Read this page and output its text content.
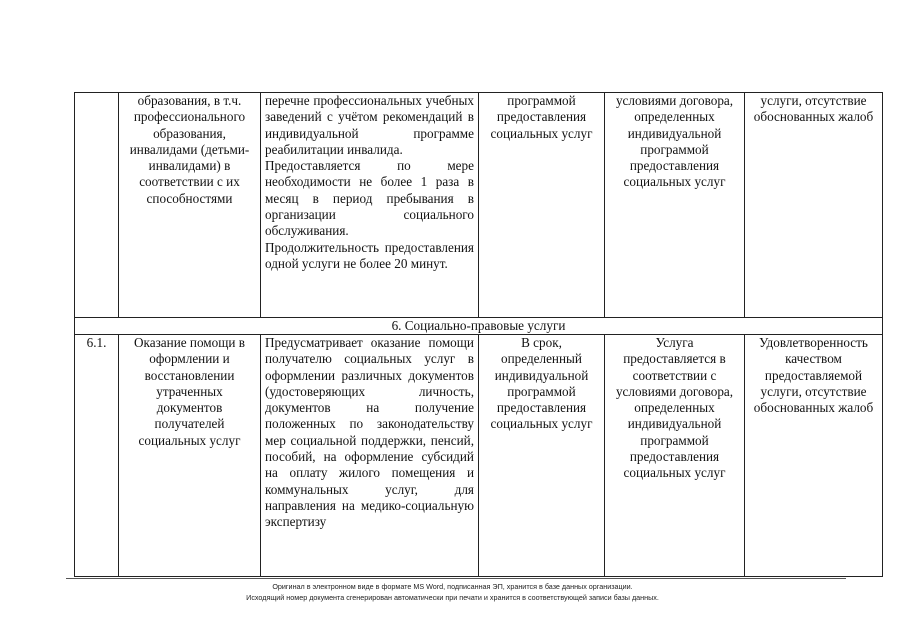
	образования, в т.ч. профессионального образования, инвалидами (детьми-инвалидами) в соответствии с их способностями	перечне профессиональных учебных заведений с учётом рекомендаций в индивидуальной программе реабилитации инвалида.
Предоставляется по мере необходимости не более 1 раза в месяц в период пребывания в организации социального обслуживания.
Продолжительность предоставления одной услуги не более 20 минут.	программой предоставления социальных услуг	условиями договора, определенных индивидуальной программой предоставления социальных услуг	услуги, отсутствие обоснованных жалоб
6. Социально-правовые услуги					
6.1.	Оказание помощи в оформлении и восстановлении утраченных документов получателей социальных услуг	Предусматривает оказание помощи получателю социальных услуг в оформлении различных документов (удостоверяющих личность, документов на получение положенных по законодательству мер социальной поддержки, пенсий, пособий, на оформление субсидий на оплату жилого помещения и коммунальных услуг, для направления на медико-социальную экспертизу	В срок, определенный индивидуальной программой предоставления социальных услуг	Услуга предоставляется в соответствии с условиями договора, определенных индивидуальной программой предоставления социальных услуг	Удовлетворенность качеством предоставляемой услуги, отсутствие обоснованных жалоб
Оригинал в электронном виде в формате MS Word, подписанная ЭП, хранится в базе данных организации.
Исходящий номер документа сгенерирован автоматически при печати и хранится в соответствующей записи базы данных.
